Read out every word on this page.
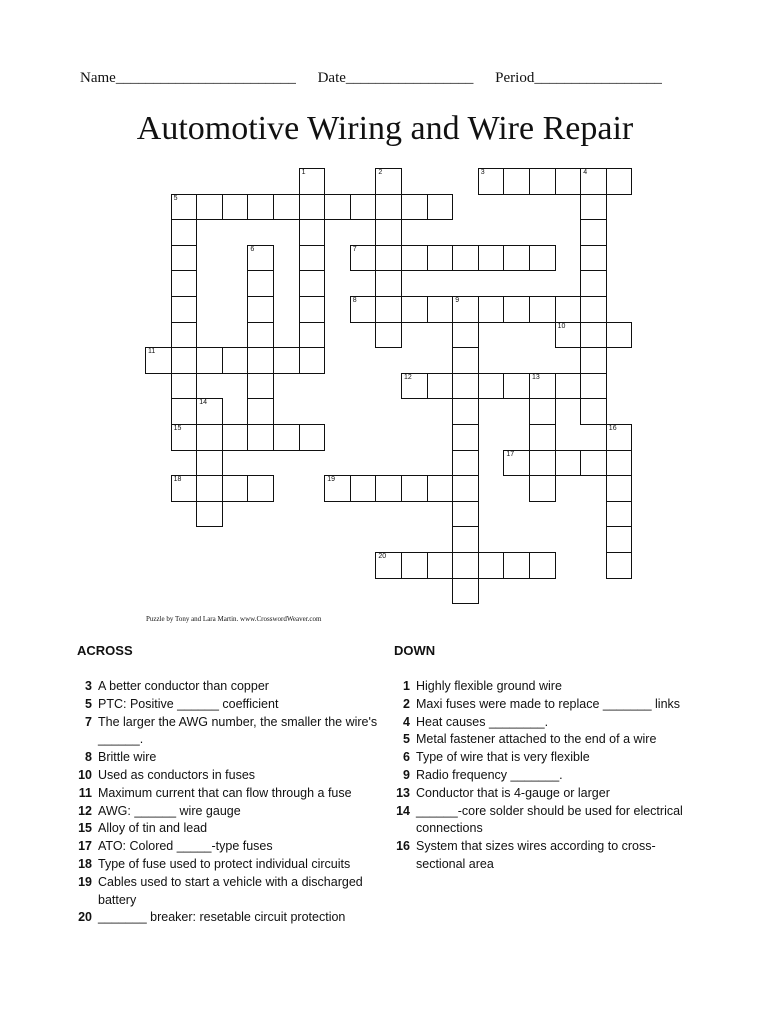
Name________________________ Date_________________ Period_________________
Automotive Wiring and Wire Repair
1	2	3	4
5
15
6	7
8	9
10
11
12	13
14
16
17
18	19
20
Puzzle by Tony and Lara Martin. www.CrosswordWeaver.com
ACROSS	DOWN
3 A better conductor than copper
5 PTC: Positive ______ coefficient
7 The larger the AWG number, the smaller the wire's ______.
8 Brittle wire
10 Used as conductors in fuses
11 Maximum current that can flow through a fuse
12 AWG: ______ wire gauge
15 Alloy of tin and lead
17 ATO: Colored _____-type fuses
18 Type of fuse used to protect individual circuits
19 Cables used to start a vehicle with a discharged battery
20 _______ breaker: resetable circuit protection
1 Highly flexible ground wire
2 Maxi fuses were made to replace _______ links
4 Heat causes ________.
5 Metal fastener attached to the end of a wire
6 Type of wire that is very flexible
9 Radio frequency _______.
13 Conductor that is 4-gauge or larger
14 ______-core solder should be used for electrical connections
16 System that sizes wires according to cross-sectional area
